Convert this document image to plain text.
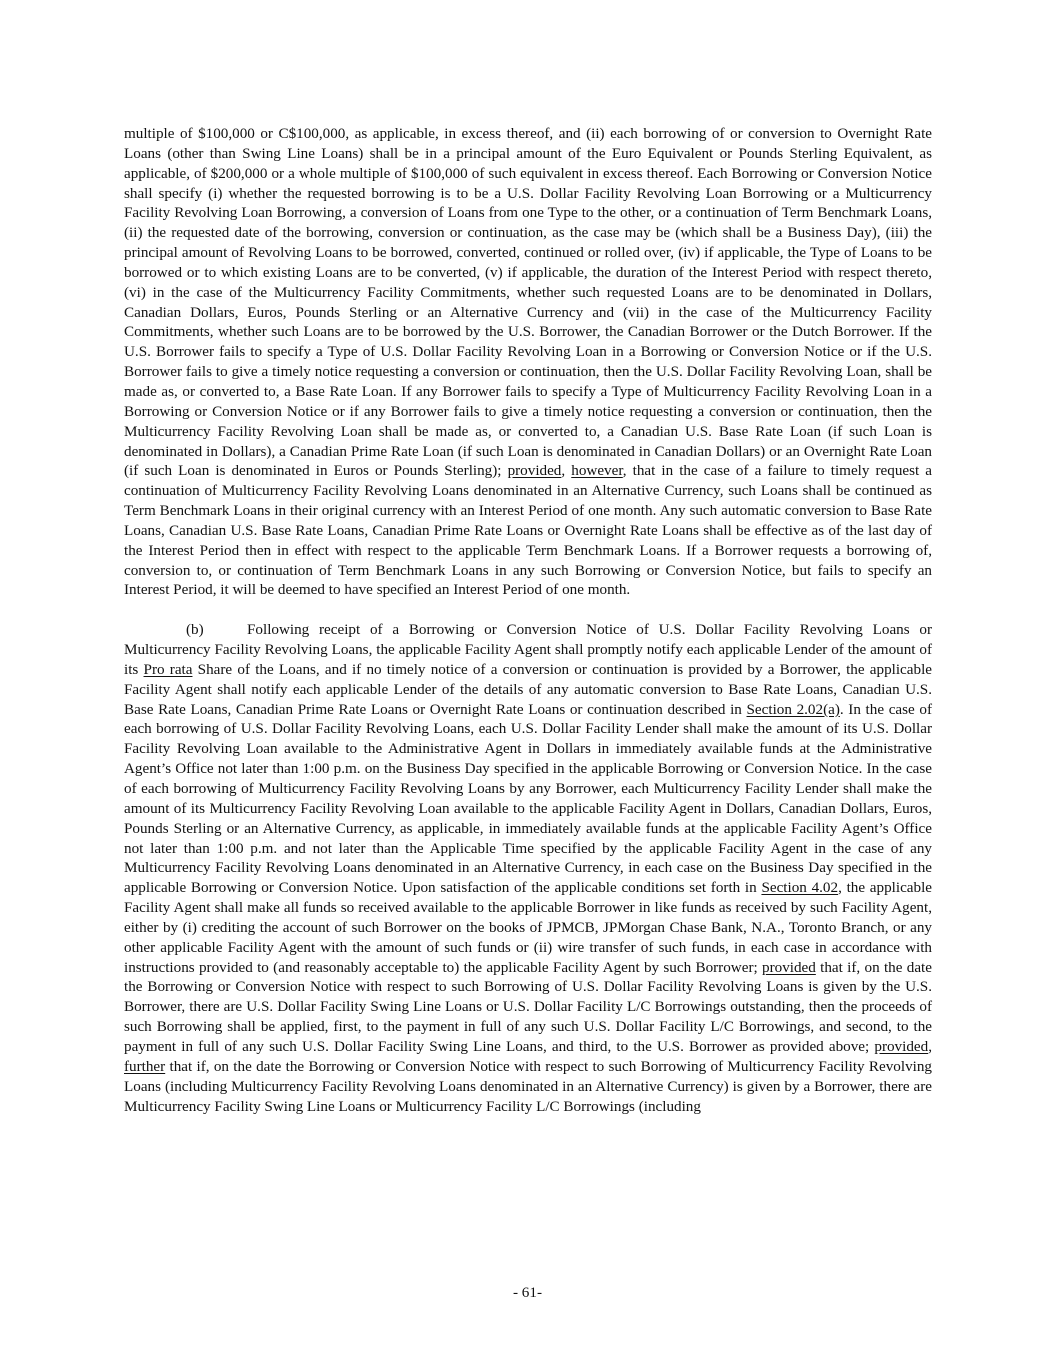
multiple of $100,000 or C$100,000, as applicable, in excess thereof, and (ii) each borrowing of or conversion to Overnight Rate Loans (other than Swing Line Loans) shall be in a principal amount of the Euro Equivalent or Pounds Sterling Equivalent, as applicable, of $200,000 or a whole multiple of $100,000 of such equivalent in excess thereof. Each Borrowing or Conversion Notice shall specify (i) whether the requested borrowing is to be a U.S. Dollar Facility Revolving Loan Borrowing or a Multicurrency Facility Revolving Loan Borrowing, a conversion of Loans from one Type to the other, or a continuation of Term Benchmark Loans, (ii) the requested date of the borrowing, conversion or continuation, as the case may be (which shall be a Business Day), (iii) the principal amount of Revolving Loans to be borrowed, converted, continued or rolled over, (iv) if applicable, the Type of Loans to be borrowed or to which existing Loans are to be converted, (v) if applicable, the duration of the Interest Period with respect thereto, (vi) in the case of the Multicurrency Facility Commitments, whether such requested Loans are to be denominated in Dollars, Canadian Dollars, Euros, Pounds Sterling or an Alternative Currency and (vii) in the case of the Multicurrency Facility Commitments, whether such Loans are to be borrowed by the U.S. Borrower, the Canadian Borrower or the Dutch Borrower. If the U.S. Borrower fails to specify a Type of U.S. Dollar Facility Revolving Loan in a Borrowing or Conversion Notice or if the U.S. Borrower fails to give a timely notice requesting a conversion or continuation, then the U.S. Dollar Facility Revolving Loan, shall be made as, or converted to, a Base Rate Loan. If any Borrower fails to specify a Type of Multicurrency Facility Revolving Loan in a Borrowing or Conversion Notice or if any Borrower fails to give a timely notice requesting a conversion or continuation, then the Multicurrency Facility Revolving Loan shall be made as, or converted to, a Canadian U.S. Base Rate Loan (if such Loan is denominated in Dollars), a Canadian Prime Rate Loan (if such Loan is denominated in Canadian Dollars) or an Overnight Rate Loan (if such Loan is denominated in Euros or Pounds Sterling); provided, however, that in the case of a failure to timely request a continuation of Multicurrency Facility Revolving Loans denominated in an Alternative Currency, such Loans shall be continued as Term Benchmark Loans in their original currency with an Interest Period of one month. Any such automatic conversion to Base Rate Loans, Canadian U.S. Base Rate Loans, Canadian Prime Rate Loans or Overnight Rate Loans shall be effective as of the last day of the Interest Period then in effect with respect to the applicable Term Benchmark Loans. If a Borrower requests a borrowing of, conversion to, or continuation of Term Benchmark Loans in any such Borrowing or Conversion Notice, but fails to specify an Interest Period, it will be deemed to have specified an Interest Period of one month.

(b)	Following receipt of a Borrowing or Conversion Notice of U.S. Dollar Facility Revolving Loans or Multicurrency Facility Revolving Loans, the applicable Facility Agent shall promptly notify each applicable Lender of the amount of its Pro rata Share of the Loans, and if no timely notice of a conversion or continuation is provided by a Borrower, the applicable Facility Agent shall notify each applicable Lender of the details of any automatic conversion to Base Rate Loans, Canadian U.S. Base Rate Loans, Canadian Prime Rate Loans or Overnight Rate Loans or continuation described in Section 2.02(a). In the case of each borrowing of U.S. Dollar Facility Revolving Loans, each U.S. Dollar Facility Lender shall make the amount of its U.S. Dollar Facility Revolving Loan available to the Administrative Agent in Dollars in immediately available funds at the Administrative Agent’s Office not later than 1:00 p.m. on the Business Day specified in the applicable Borrowing or Conversion Notice. In the case of each borrowing of Multicurrency Facility Revolving Loans by any Borrower, each Multicurrency Facility Lender shall make the amount of its Multicurrency Facility Revolving Loan available to the applicable Facility Agent in Dollars, Canadian Dollars, Euros, Pounds Sterling or an Alternative Currency, as applicable, in immediately available funds at the applicable Facility Agent’s Office not later than 1:00 p.m. and not later than the Applicable Time specified by the applicable Facility Agent in the case of any Multicurrency Facility Revolving Loans denominated in an Alternative Currency, in each case on the Business Day specified in the applicable Borrowing or Conversion Notice. Upon satisfaction of the applicable conditions set forth in Section 4.02, the applicable Facility Agent shall make all funds so received available to the applicable Borrower in like funds as received by such Facility Agent, either by (i) crediting the account of such Borrower on the books of JPMCB, JPMorgan Chase Bank, N.A., Toronto Branch, or any other applicable Facility Agent with the amount of such funds or (ii) wire transfer of such funds, in each case in accordance with instructions provided to (and reasonably acceptable to) the applicable Facility Agent by such Borrower; provided that if, on the date the Borrowing or Conversion Notice with respect to such Borrowing of U.S. Dollar Facility Revolving Loans is given by the U.S. Borrower, there are U.S. Dollar Facility Swing Line Loans or U.S. Dollar Facility L/C Borrowings outstanding, then the proceeds of such Borrowing shall be applied, first, to the payment in full of any such U.S. Dollar Facility L/C Borrowings, and second, to the payment in full of any such U.S. Dollar Facility Swing Line Loans, and third, to the U.S. Borrower as provided above; provided, further that if, on the date the Borrowing or Conversion Notice with respect to such Borrowing of Multicurrency Facility Revolving Loans (including Multicurrency Facility Revolving Loans denominated in an Alternative Currency) is given by a Borrower, there are Multicurrency Facility Swing Line Loans or Multicurrency Facility L/C Borrowings (including

- 61-
